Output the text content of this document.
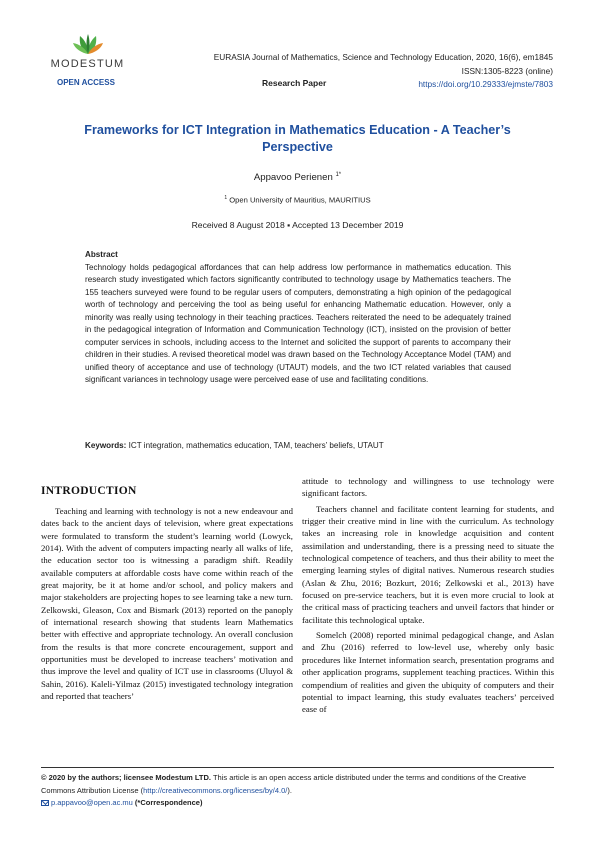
MODESTUM
OPEN ACCESS	Research Paper
EURASIA Journal of Mathematics, Science and Technology Education, 2020, 16(6), em1845
ISSN:1305-8223 (online)
https://doi.org/10.29333/ejmste/7803
Frameworks for ICT Integration in Mathematics Education - A Teacher’s Perspective
Appavoo Perienen $^{1*}$
$^1$ Open University of Mauritius, MAURITIUS
Received 8 August 2018 ▪ Accepted 13 December 2019
Abstract
Technology holds pedagogical affordances that can help address low performance in mathematics education. This research study investigated which factors significantly contributed to technology usage by Mathematics teachers. The 155 teachers surveyed were found to be regular users of computers, demonstrating a high opinion of the pedagogical worth of technology and perceiving the tool as being useful for enhancing Mathematic education. However, only a minority was really using technology in their teaching practices. Teachers reiterated the need to be adequately trained in the pedagogical integration of Information and Communication Technology (ICT), insisted on the provision of better computer services in schools, including access to the Internet and solicited the support of parents to accompany their children in their studies. A revised theoretical model was drawn based on the Technology Acceptance Model (TAM) and unified theory of acceptance and use of technology (UTAUT) models, and the two ICT related variables that caused significant variances in technology usage were perceived ease of use and facilitating conditions.
Keywords: ICT integration, mathematics education, TAM, teachers’ beliefs, UTAUT
INTRODUCTION

Teaching and learning with technology is not a new endeavour and dates back to the ancient days of television, where great expectations were formulated to transform the student’s learning world (Lowyck, 2014). With the advent of computers impacting nearly all walks of life, the education sector too is witnessing a paradigm shift. Readily available computers at affordable costs have come within reach of the great majority, be it at home and/or school, and policy makers and major stakeholders are projecting hopes to see learning take a new turn. Zelkowski, Gleason, Cox and Bismark (2013) reported on the panoply of international research showing that students learn Mathematics better with effective and appropriate technology. An overall conclusion from the results is that more concrete encouragement, support and opportunities must be developed to increase teachers’ motivation and thus improve the level and quality of ICT use in classrooms (Uluyol & Sahin, 2016). Kaleli-Yilmaz (2015) investigated technology integration and reported that teachers’

attitude to technology and willingness to use technology were significant factors.

Teachers channel and facilitate content learning for students, and trigger their creative mind in line with the curriculum. As technology takes an increasing role in knowledge acquisition and content assimilation and understanding, there is a pressing need to situate the technological competence of teachers, and thus their ability to meet the emerging learning styles of digital natives. Numerous research studies (Aslan & Zhu, 2016; Bozkurt, 2016; Zelkowski et al., 2013) have focused on pre-service teachers, but it is even more crucial to look at the critical mass of practicing teachers and unveil factors that hinder or facilitate this technological uptake.

Somelch (2008) reported minimal pedagogical change, and Aslan and Zhu (2016) referred to low-level use, whereby only basic procedures like Internet information search, presentation programs and other application programs, supplement teaching practices. Within this compendium of realities and given the ubiquity of computers and their potential to impact learning, this study evaluates teachers’ perceived ease of

© 2020 by the authors; licensee Modestum LTD. This article is an open access article distributed under the terms and conditions of the Creative Commons Attribution License (http://creativecommons.org/licenses/by/4.0/).
p.appavoo@open.ac.mu (*Correspondence)
